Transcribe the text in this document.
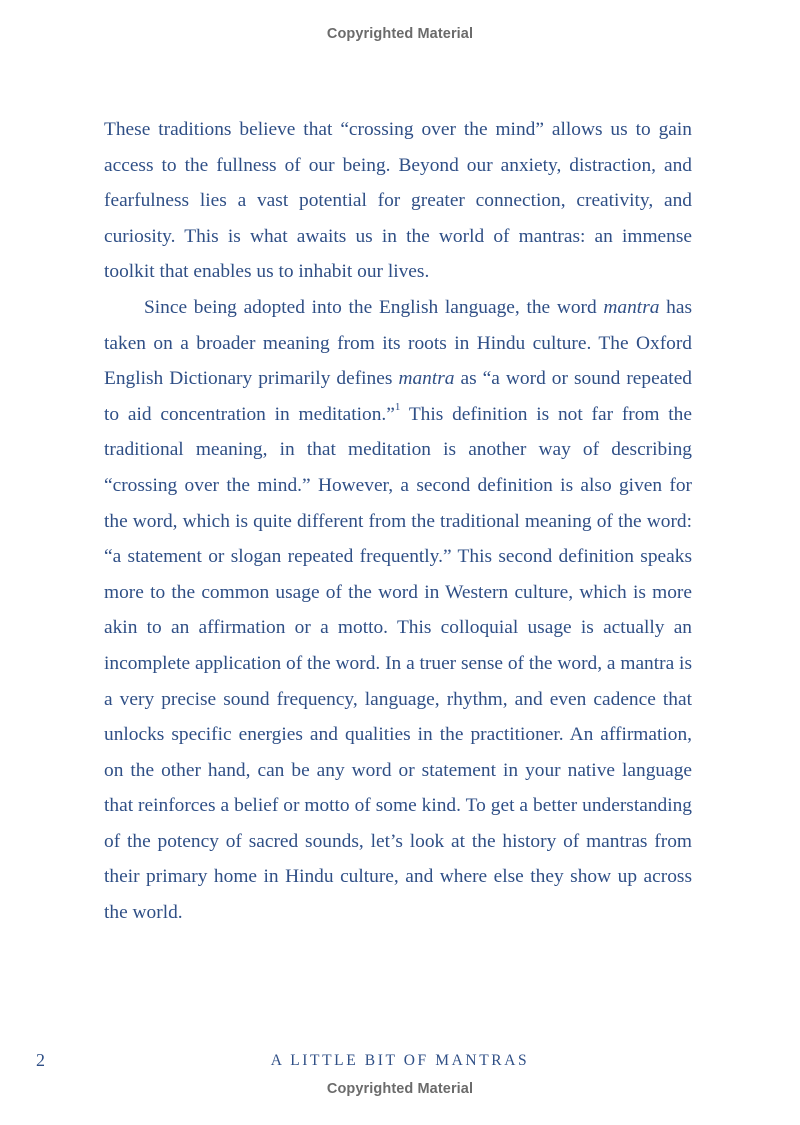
Copyrighted Material

These traditions believe that “crossing over the mind” allows us to gain access to the fullness of our being. Beyond our anxiety, distraction, and fearfulness lies a vast potential for greater connection, creativity, and curiosity. This is what awaits us in the world of mantras: an immense toolkit that enables us to inhabit our lives.

Since being adopted into the English language, the word mantra has taken on a broader meaning from its roots in Hindu culture. The Oxford English Dictionary primarily defines mantra as “a word or sound repeated to aid concentration in meditation.”$^1$ This definition is not far from the traditional meaning, in that meditation is another way of describing “crossing over the mind.” However, a second definition is also given for the word, which is quite different from the traditional meaning of the word: “a statement or slogan repeated frequently.” This second definition speaks more to the common usage of the word in Western culture, which is more akin to an affirmation or a motto. This colloquial usage is actually an incomplete application of the word. In a truer sense of the word, a mantra is a very precise sound frequency, language, rhythm, and even cadence that unlocks specific energies and qualities in the practitioner. An affirmation, on the other hand, can be any word or statement in your native language that reinforces a belief or motto of some kind. To get a better understanding of the potency of sacred sounds, let’s look at the history of mantras from their primary home in Hindu culture, and where else they show up across the world.

2	A LITTLE BIT OF MANTRAS
Copyrighted Material
